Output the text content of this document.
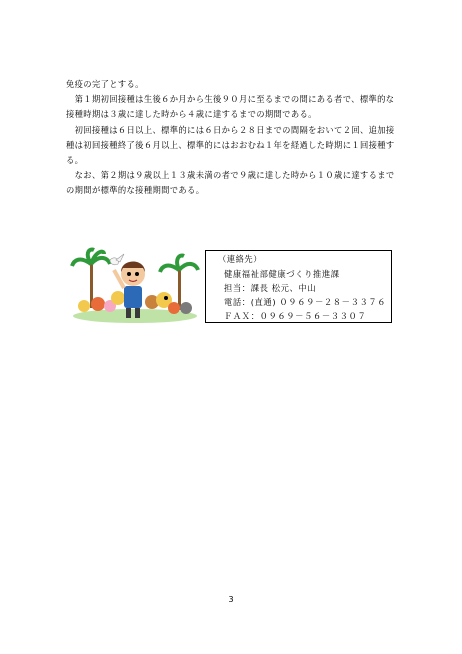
免疫の完了とする。
　第１期初回接種は生後６か月から生後９０月に至るまでの間にある者で、標準的な接種時期は３歳に達した時から４歳に達するまでの期間である。
　初回接種は６日以上、標準的には６日から２８日までの間隔をおいて２回、追加接種は初回接種終了後６月以上、標準的にはおおむね１年を経過した時期に１回接種する。
　なお、第２期は９歳以上１３歳未満の者で９歳に達した時から１０歳に達するまでの期間が標準的な接種期間である。
（連絡先）
健康福祉部健康づくり推進課
担当：課長 松元、中山
電話：(直通) ０９６９－２８－３３７６
ＦＡＸ：０９６９－５６－３３０７
3
